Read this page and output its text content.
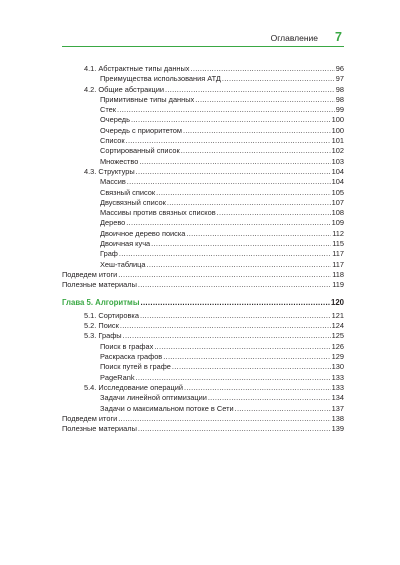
Оглавление 7
4.1. Абстрактные типы данных .....	96
Преимущества использования АТД .....	97
4.2. Общие абстракции .....	98
Примитивные типы данных .....	98
Стек .....	99
Очередь .....	100
Очередь с приоритетом .....	100
Список .....	101
Сортированный список .....	102
Множество .....	103
4.3. Структуры .....	104
Массив .....	104
Связный список .....	105
Двусвязный список .....	107
Массивы против связных списков .....	108
Дерево .....	109
Двоичное дерево поиска .....	112
Двоичная куча .....	115
Граф .....	117
Хеш-таблица .....	117
Подведем итоги .....	118
Полезные материалы .....	119
Глава 5. Алгоритмы .....	120
5.1. Сортировка .....	121
5.2. Поиск .....	124
5.3. Графы .....	125
Поиск в графах .....	126
Раскраска графов .....	129
Поиск путей в графе .....	130
PageRank .....	133
5.4. Исследование операций .....	133
Задачи линейной оптимизации .....	134
Задачи о максимальном потоке в Сети .....	137
Подведем итоги .....	138
Полезные материалы .....	139
